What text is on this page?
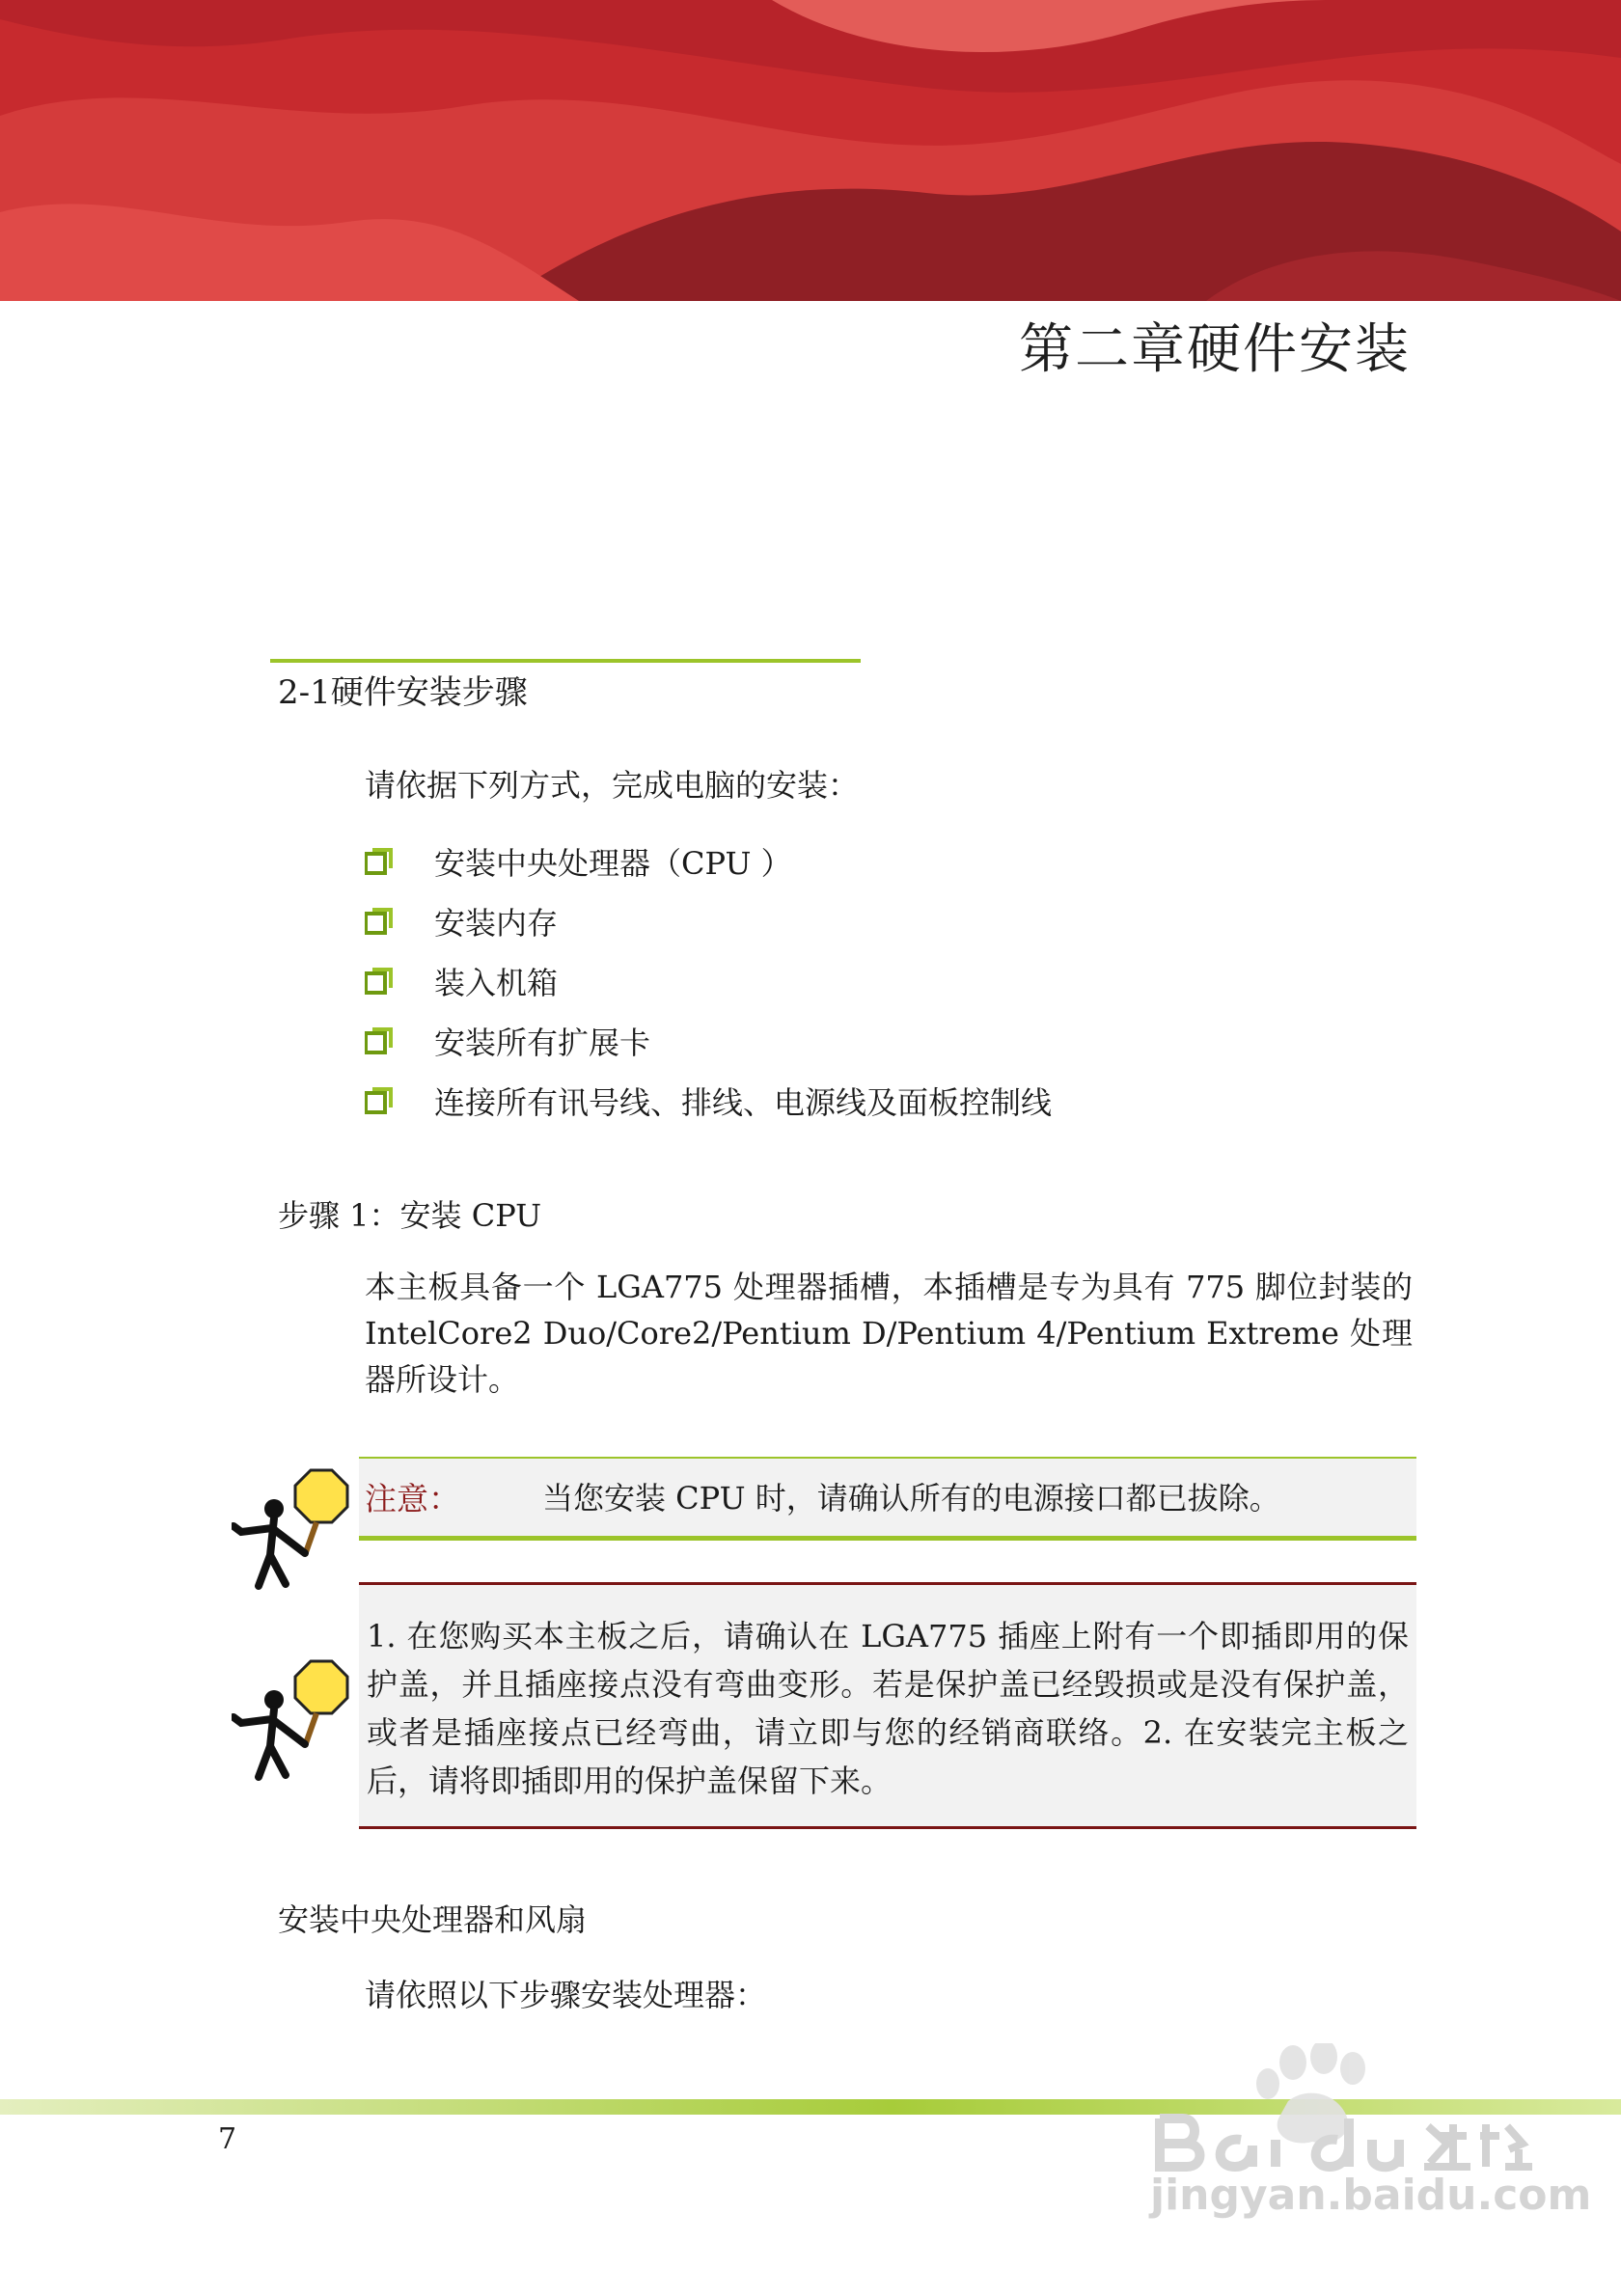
第二章硬件安装
2-1硬件安装步骤

请依据下列方式，完成电脑的安装：

安装中央处理器（CPU ）
安装内存
装入机箱
安装所有扩展卡
连接所有讯号线、排线、电源线及面板控制线

步骤 1：安装 CPU

本主板具备一个 LGA775 处理器插槽，本插槽是专为具有 775 脚位封装的 IntelCore2 Duo/Core2/Pentium D/Pentium 4/Pentium Extreme 处理器所设计。

注意：	当您安装 CPU 时，请确认所有的电源接口都已拔除。

1. 在您购买本主板之后，请确认在 LGA775 插座上附有一个即插即用的保护盖，并且插座接点没有弯曲变形。若是保护盖已经毁损或是没有保护盖，或者是插座接点已经弯曲，请立即与您的经销商联络。2. 在安装完主板之后，请将即插即用的保护盖保留下来。

安装中央处理器和风扇

请依照以下步骤安装处理器：

7

jingyan.baidu.com
